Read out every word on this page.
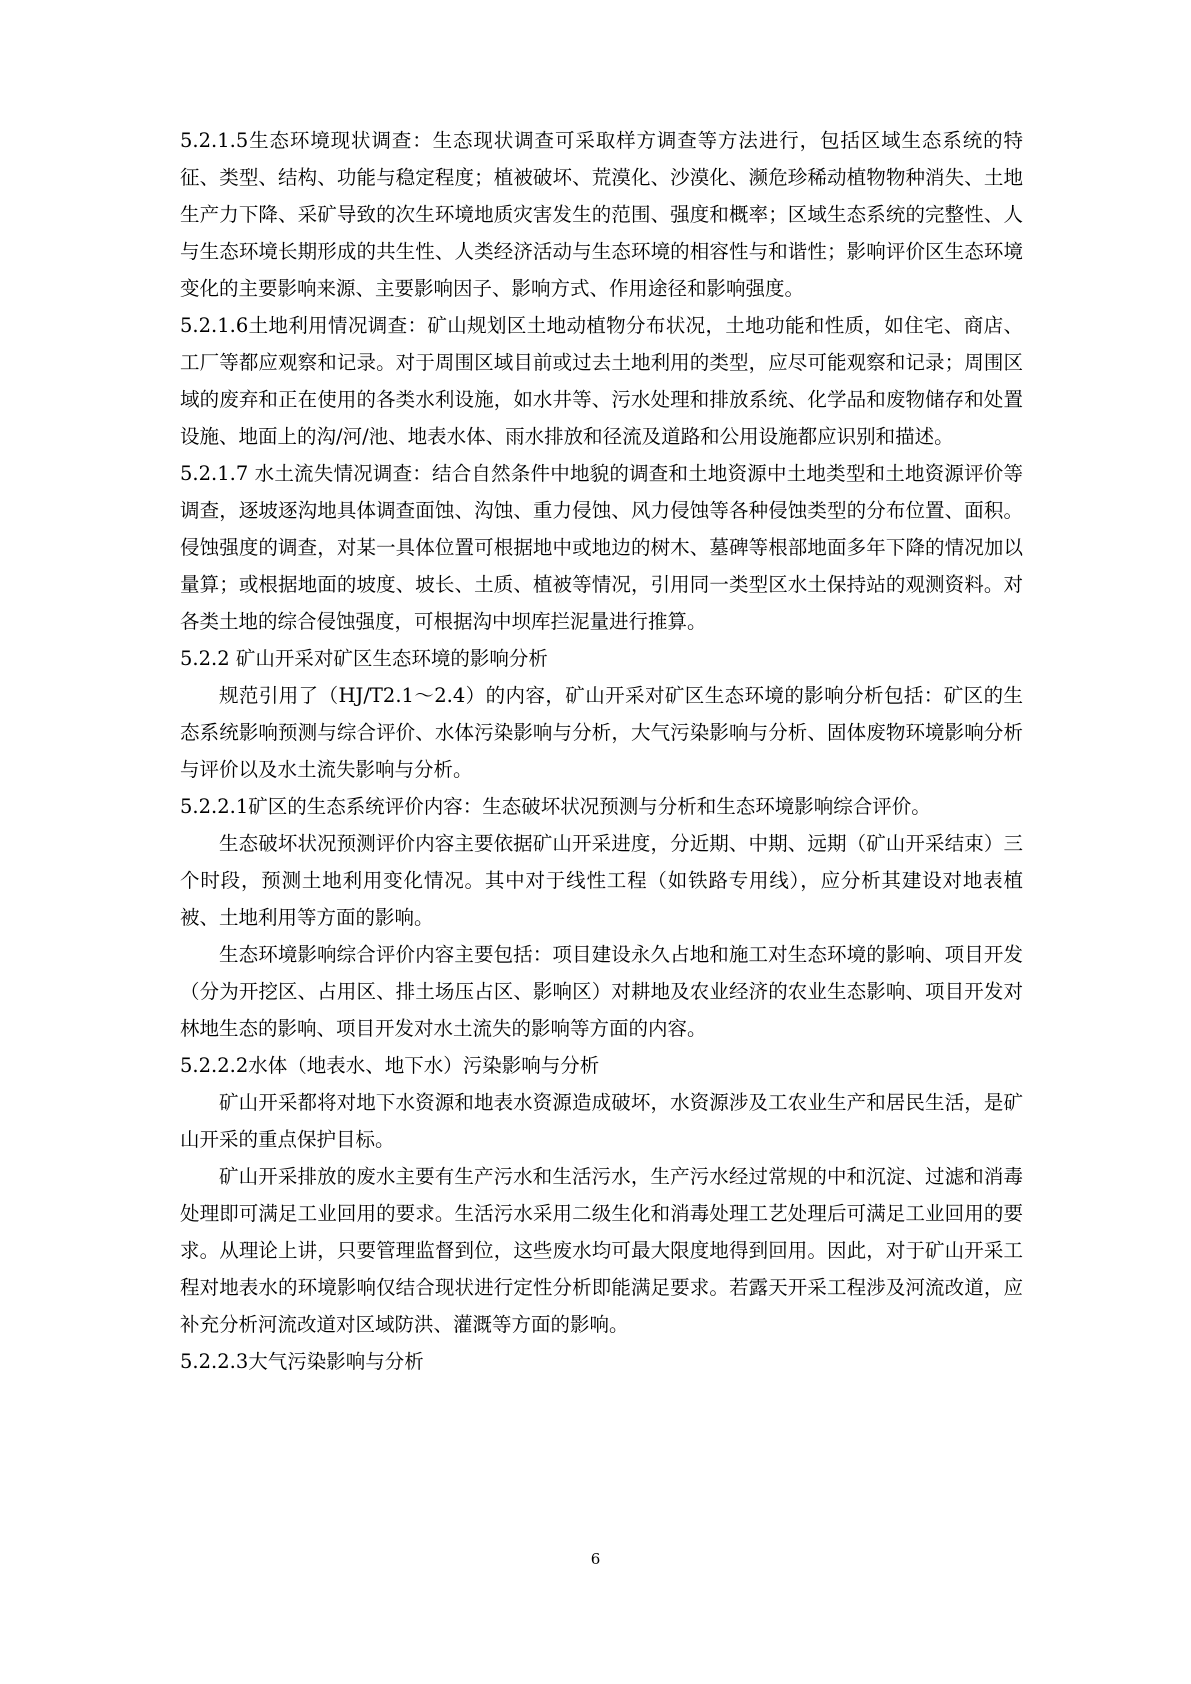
5.2.1.5生态环境现状调查：生态现状调查可采取样方调查等方法进行，包括区域生态系统的特征、类型、结构、功能与稳定程度；植被破坏、荒漠化、沙漠化、濒危珍稀动植物物种消失、土地生产力下降、采矿导致的次生环境地质灾害发生的范围、强度和概率；区域生态系统的完整性、人与生态环境长期形成的共生性、人类经济活动与生态环境的相容性与和谐性；影响评价区生态环境变化的主要影响来源、主要影响因子、影响方式、作用途径和影响强度。

5.2.1.6土地利用情况调查：矿山规划区土地动植物分布状况，土地功能和性质，如住宅、商店、工厂等都应观察和记录。对于周围区域目前或过去土地利用的类型，应尽可能观察和记录；周围区域的废弃和正在使用的各类水利设施，如水井等、污水处理和排放系统、化学品和废物储存和处置设施、地面上的沟/河/池、地表水体、雨水排放和径流及道路和公用设施都应识别和描述。

5.2.1.7 水土流失情况调查：结合自然条件中地貌的调查和土地资源中土地类型和土地资源评价等调查，逐坡逐沟地具体调查面蚀、沟蚀、重力侵蚀、风力侵蚀等各种侵蚀类型的分布位置、面积。侵蚀强度的调查，对某一具体位置可根据地中或地边的树木、墓碑等根部地面多年下降的情况加以量算；或根据地面的坡度、坡长、土质、植被等情况，引用同一类型区水土保持站的观测资料。对各类土地的综合侵蚀强度，可根据沟中坝库拦泥量进行推算。

5.2.2 矿山开采对矿区生态环境的影响分析

规范引用了（HJ/T2.1～2.4）的内容，矿山开采对矿区生态环境的影响分析包括：矿区的生态系统影响预测与综合评价、水体污染影响与分析，大气污染影响与分析、固体废物环境影响分析与评价以及水土流失影响与分析。

5.2.2.1矿区的生态系统评价内容：生态破坏状况预测与分析和生态环境影响综合评价。

生态破坏状况预测评价内容主要依据矿山开采进度，分近期、中期、远期（矿山开采结束）三个时段，预测土地利用变化情况。其中对于线性工程（如铁路专用线），应分析其建设对地表植被、土地利用等方面的影响。

生态环境影响综合评价内容主要包括：项目建设永久占地和施工对生态环境的影响、项目开发（分为开挖区、占用区、排土场压占区、影响区）对耕地及农业经济的农业生态影响、项目开发对林地生态的影响、项目开发对水土流失的影响等方面的内容。

5.2.2.2水体（地表水、地下水）污染影响与分析

矿山开采都将对地下水资源和地表水资源造成破坏，水资源涉及工农业生产和居民生活，是矿山开采的重点保护目标。

矿山开采排放的废水主要有生产污水和生活污水，生产污水经过常规的中和沉淀、过滤和消毒处理即可满足工业回用的要求。生活污水采用二级生化和消毒处理工艺处理后可满足工业回用的要求。从理论上讲，只要管理监督到位，这些废水均可最大限度地得到回用。因此，对于矿山开采工程对地表水的环境影响仅结合现状进行定性分析即能满足要求。若露天开采工程涉及河流改道，应补充分析河流改道对区域防洪、灌溉等方面的影响。

5.2.2.3大气污染影响与分析

6
